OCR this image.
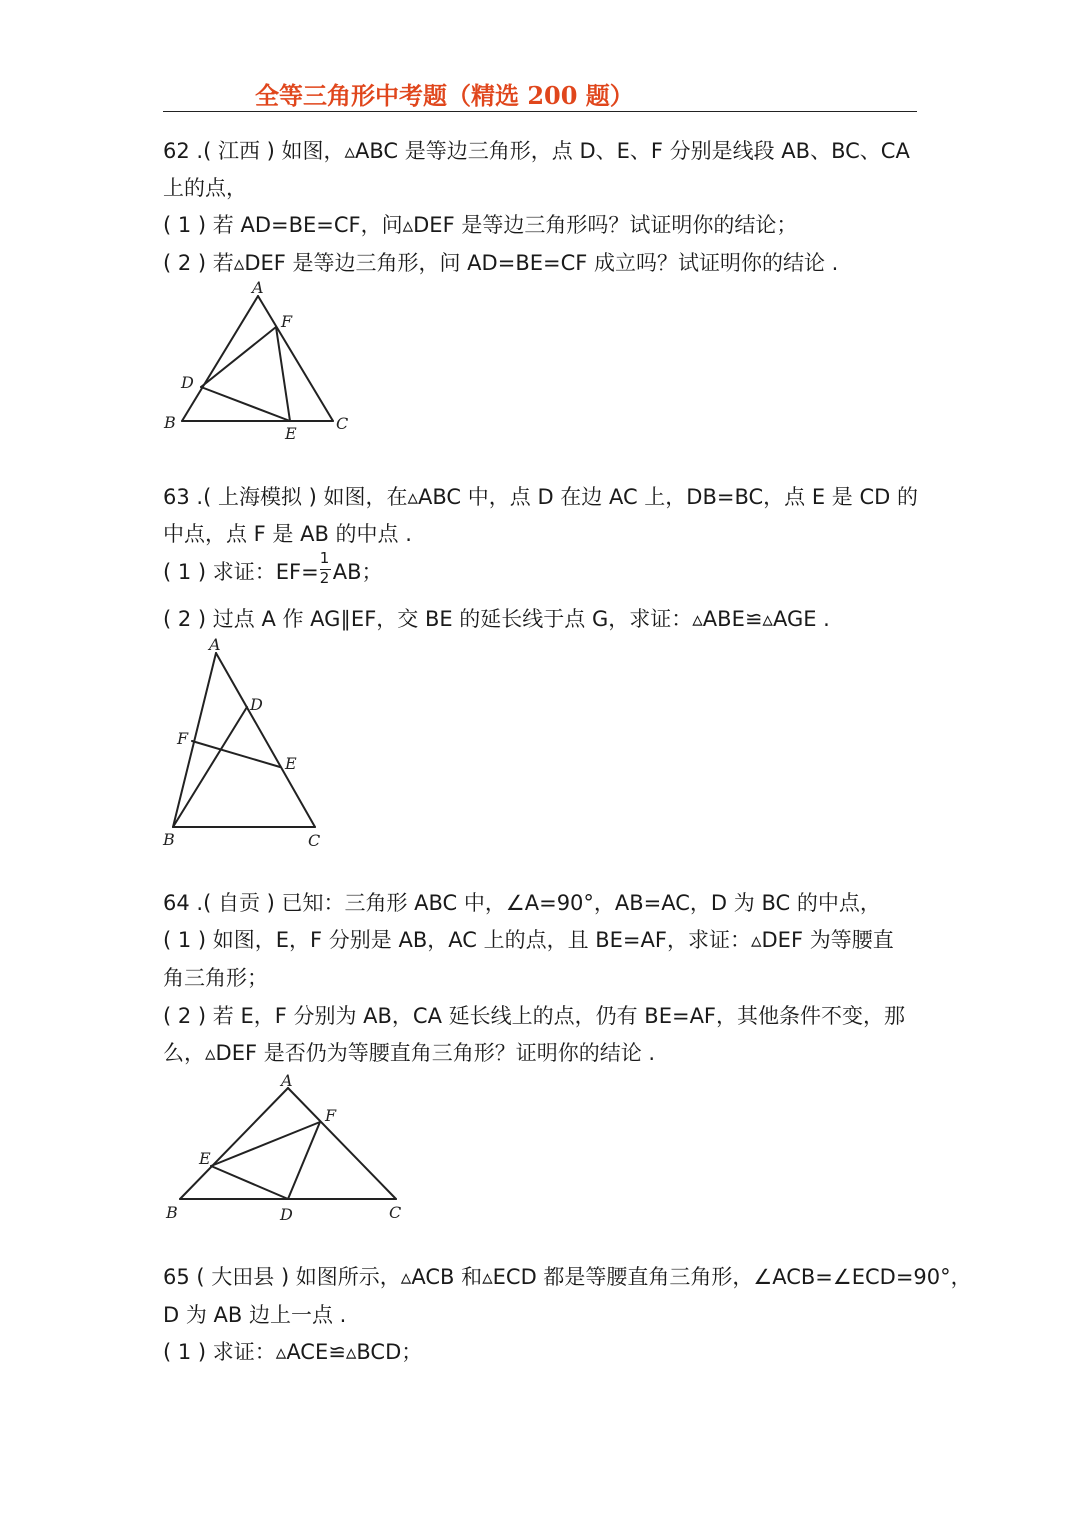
全等三角形中考题（精选 200 题）
62 .( 江西 ) 如图，▵ABC 是等边三角形，点 D、E、F 分别是线段 AB、BC、CA
上的点，
( 1 ) 若 AD=BE=CF，问▵DEF 是等边三角形吗？试证明你的结论；
( 2 ) 若▵DEF 是等边三角形，问 AD=BE=CF 成立吗？试证明你的结论 .
A
F
D
B
E
C
63 .( 上海模拟 ) 如图，在▵ABC 中，点 D 在边 AC 上，DB=BC，点 E 是 CD 的
中点，点 F 是 AB 的中点 .
( 1 ) 求证：$EF= \frac{1}{2}$ AB；
( 2 ) 过点 A 作 AG∥EF，交 BE 的延长线于点 G，求证：▵ABE≌▵AGE .
A
D
F
E
B	C
64 .( 自贡 ) 已知：三角形 ABC 中，∠A=90°，AB=AC，D 为 BC 的中点，
( 1 ) 如图，E，F 分别是 AB，AC 上的点，且 BE=AF，求证：▵DEF 为等腰直
角三角形；
( 2 ) 若 E，F 分别为 AB，CA 延长线上的点，仍有 BE=AF，其他条件不变，那
么，▵DEF 是否仍为等腰直角三角形？证明你的结论 .
A
F
E
B	D	C
65 ( 大田县 ) 如图所示，▵ACB 和▵ECD 都是等腰直角三角形，∠ACB=∠ECD=90°，
D 为 AB 边上一点 .
( 1 ) 求证：▵ACE≌▵BCD；
